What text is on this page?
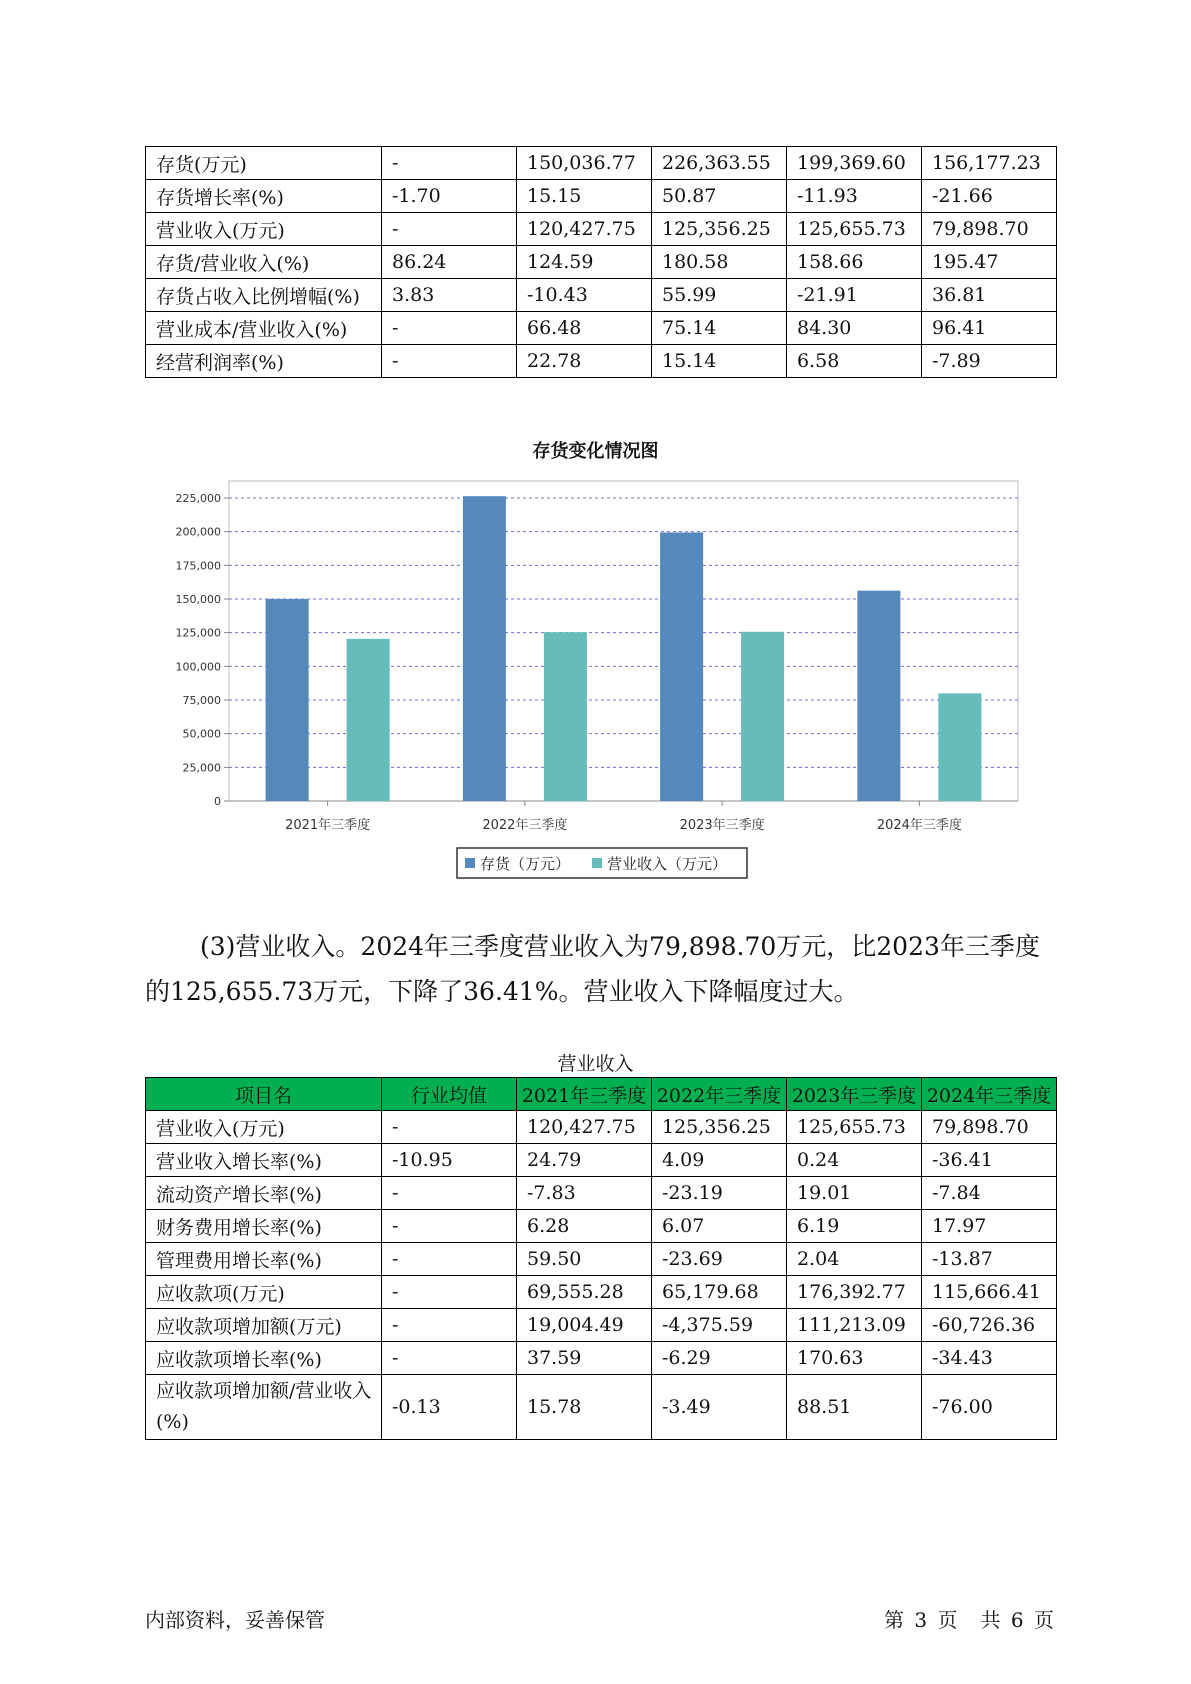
存货(万元)	-	150,036.77	226,363.55	199,369.60	156,177.23
存货增长率(%)	-1.70	15.15	50.87	-11.93	-21.66
营业收入(万元)	-	120,427.75	125,356.25	125,655.73	79,898.70
存货/营业收入(%)	86.24	124.59	180.58	158.66	195.47
存货占收入比例增幅(%)	3.83	-10.43	55.99	-21.91	36.81
营业成本/营业收入(%)	-	66.48	75.14	84.30	96.41
经营利润率(%)	-	22.78	15.14	6.58	-7.89
存货变化情况图
0
25,000
50,000
75,000
100,000
125,000
150,000
175,000
200,000
225,000
2021年三季度	2022年三季度	2023年三季度	2024年三季度
存货（万元） 营业收入（万元）

(3)营业收入。2024年三季度营业收入为79,898.70万元，比2023年三季度的125,655.73万元，下降了36.41%。营业收入下降幅度过大。

营业收入
项目名	行业均值	2021年三季度	2022年三季度	2023年三季度	2024年三季度
营业收入(万元)	-	120,427.75	125,356.25	125,655.73	79,898.70
营业收入增长率(%)	-10.95	24.79	4.09	0.24	-36.41
流动资产增长率(%)	-	-7.83	-23.19	19.01	-7.84
财务费用增长率(%)	-	6.28	6.07	6.19	17.97
管理费用增长率(%)	-	59.50	-23.69	2.04	-13.87
应收款项(万元)	-	69,555.28	65,179.68	176,392.77	115,666.41
应收款项增加额(万元)	-	19,004.49	-4,375.59	111,213.09	-60,726.36
应收款项增长率(%)	-	37.59	-6.29	170.63	-34.43
应收款项增加额/营业收入(%)	-0.13	15.78	-3.49	88.51	-76.00
内部资料，妥善保管	第 3 页 共 6 页
